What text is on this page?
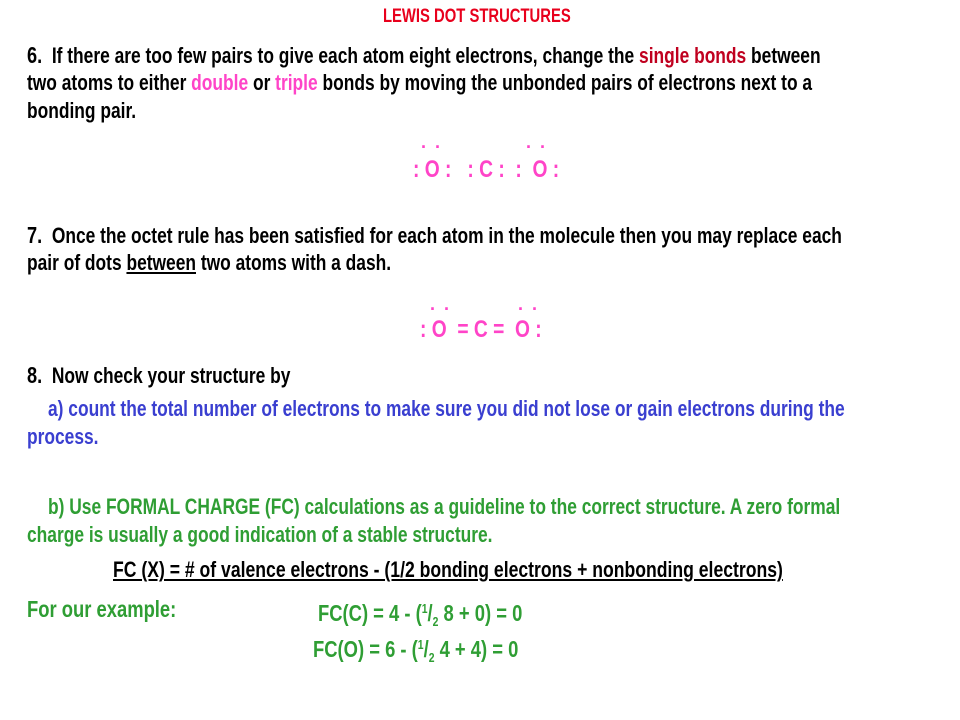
LEWIS DOT STRUCTURES
6. If there are too few pairs to give each atom eight electrons, change the single bonds between
two atoms to either double or triple bonds by moving the unbonded pairs of electrons next to a
bonding pair.
. .	. .
: O :   : C :  :  O :
7. Once the octet rule has been satisfied for each atom in the molecule then you may replace each
pair of dots between two atoms with a dash.
. .	. .
: O  = C =  O :
8. Now check your structure by
a) count the total number of electrons to make sure you did not lose or gain electrons during the
process.
b) Use FORMAL CHARGE (FC) calculations as a guideline to the correct structure. A zero formal
charge is usually a good indication of a stable structure.
FC (X) = # of valence electrons - (1/2 bonding electrons + nonbonding electrons)
For our example:	$FC(C) = 4 - (^1/_2$ 8 + 0) = 0
$FC(O) = 6 - (^1/_2$ 4 + 4) = 0
